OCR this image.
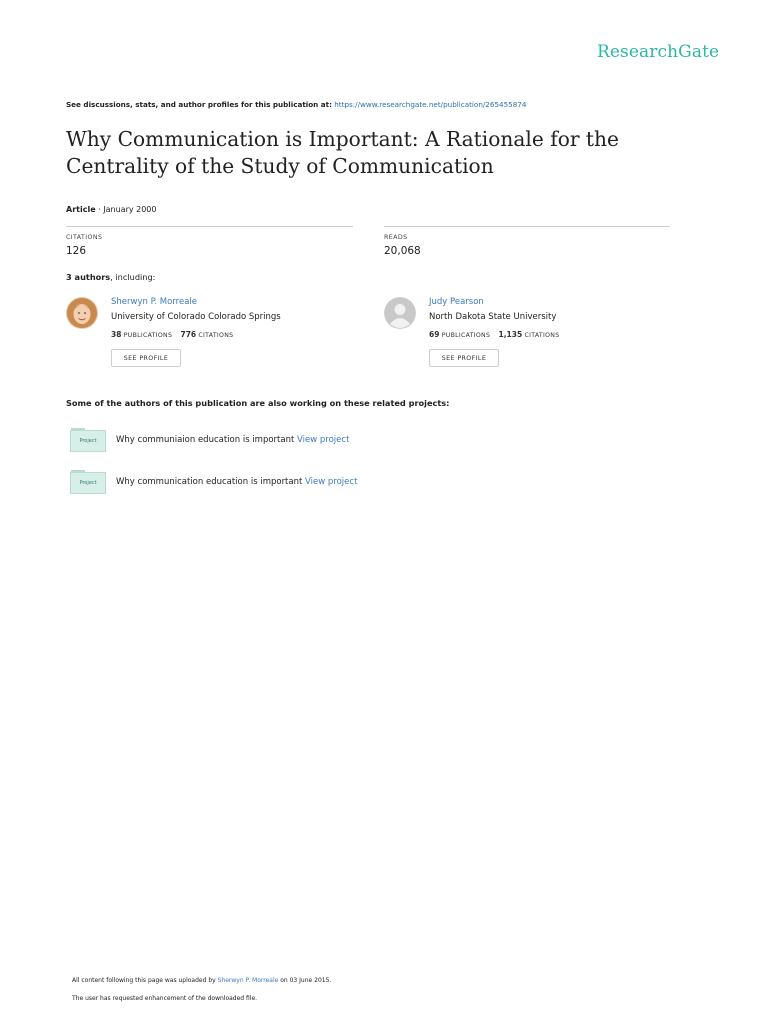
ResearchGate
See discussions, stats, and author profiles for this publication at: https://www.researchgate.net/publication/265455874
Why Communication is Important: A Rationale for the Centrality of the Study of Communication
Article · January 2000
CITATIONS
126
READS
20,068
3 authors, including:
Sherwyn P. Morreale
University of Colorado Colorado Springs
38 PUBLICATIONS 776 CITATIONS
SEE PROFILE
Judy Pearson
North Dakota State University
69 PUBLICATIONS 1,135 CITATIONS
SEE PROFILE
Some of the authors of this publication are also working on these related projects:
Project Why communiaion education is important View project
Project Why communication education is important View project
All content following this page was uploaded by Sherwyn P. Morreale on 03 June 2015.
The user has requested enhancement of the downloaded file.
